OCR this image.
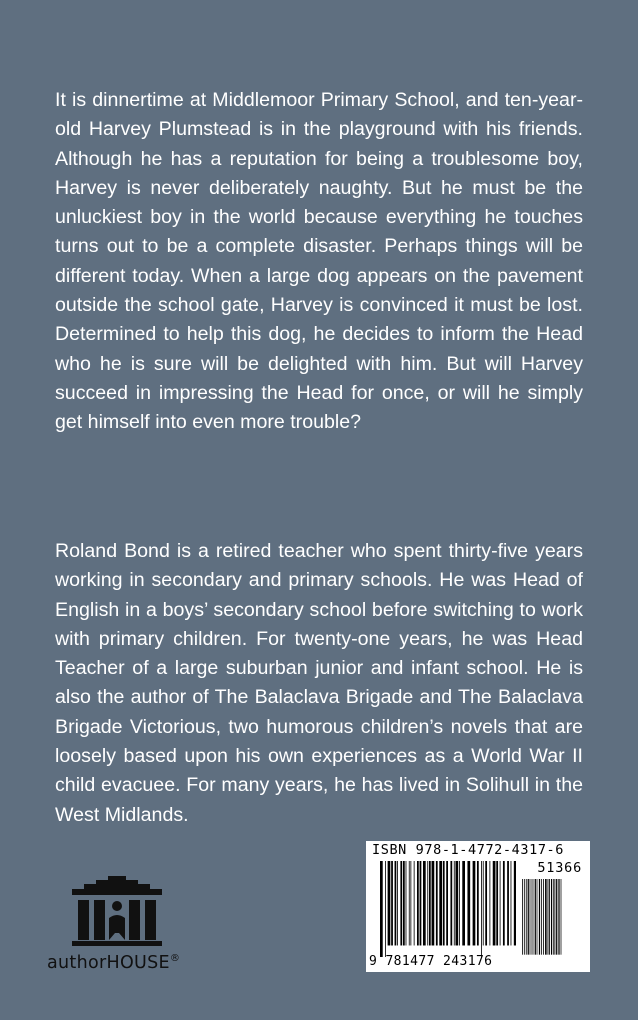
It is dinnertime at Middlemoor Primary School, and ten-year-old Harvey Plumstead is in the playground with his friends. Although he has a reputation for being a troublesome boy, Harvey is never deliberately naughty. But he must be the unluckiest boy in the world because everything he touches turns out to be a complete disaster. Perhaps things will be different today. When a large dog appears on the pavement outside the school gate, Harvey is convinced it must be lost. Determined to help this dog, he decides to inform the Head who he is sure will be delighted with him. But will Harvey succeed in impressing the Head for once, or will he simply get himself into even more trouble?

Roland Bond is a retired teacher who spent thirty-five years working in secondary and primary schools. He was Head of English in a boys’ secondary school before switching to work with primary children. For twenty-one years, he was Head Teacher of a large suburban junior and infant school. He is also the author of The Balaclava Brigade and The Balaclava Brigade Victorious, two humorous children’s novels that are loosely based upon his own experiences as a World War II child evacuee. For many years, he has lived in Solihull in the West Midlands.

ISBN 978-1-4772-4317-6
51366
9 781477 243176
authorHOUSE®
